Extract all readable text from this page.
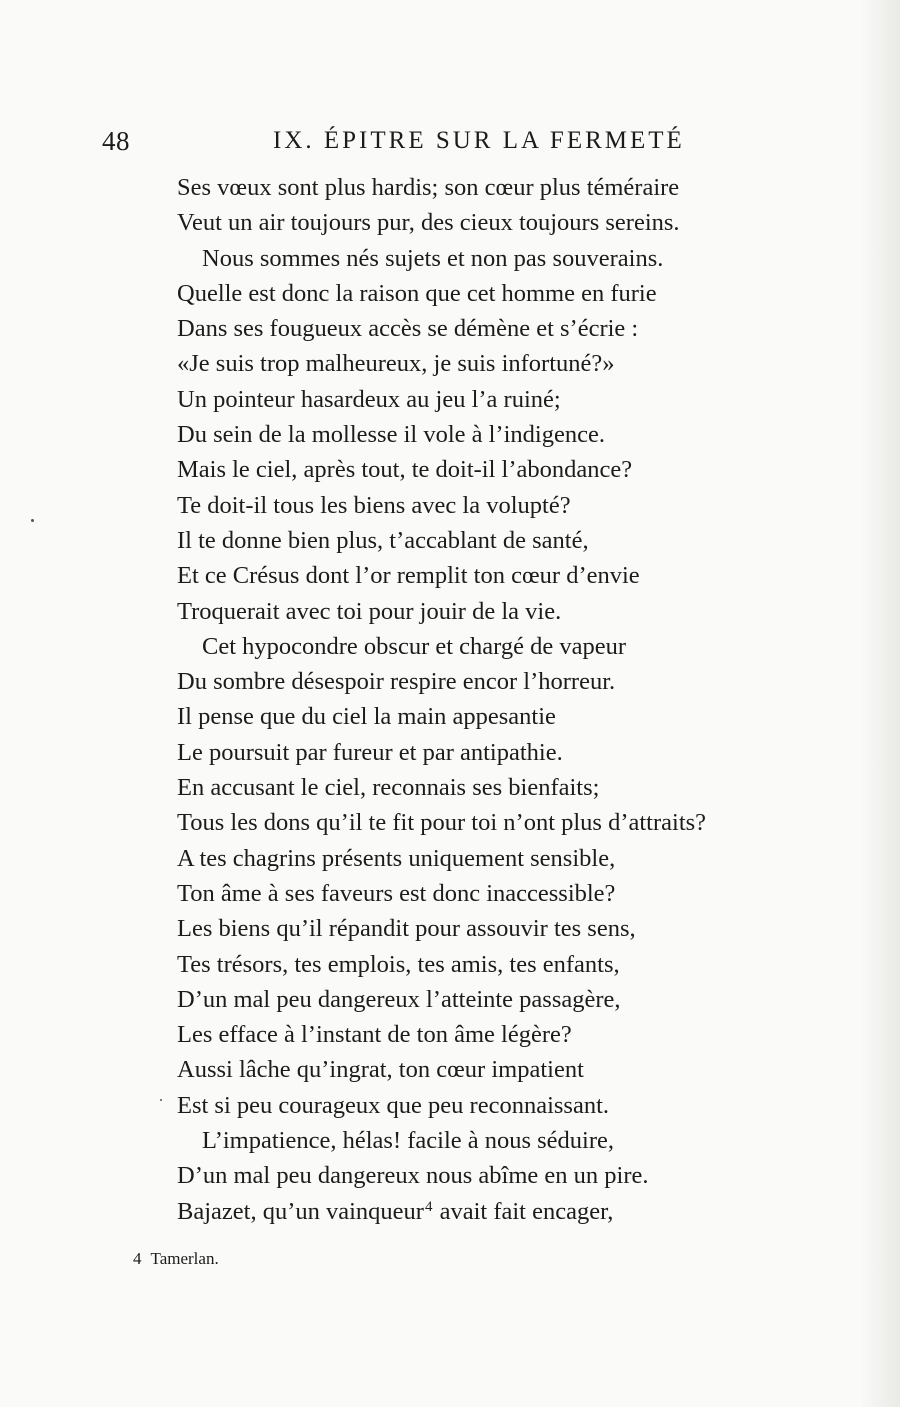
48	IX. ÉPITRE SUR LA FERMETÉ
Ses vœux sont plus hardis; son cœur plus téméraire
Veut un air toujours pur, des cieux toujours sereins.
Nous sommes nés sujets et non pas souverains.
Quelle est donc la raison que cet homme en furie
Dans ses fougueux accès se démène et s’écrie :
«Je suis trop malheureux, je suis infortuné?»
Un pointeur hasardeux au jeu l’a ruiné;
Du sein de la mollesse il vole à l’indigence.
Mais le ciel, après tout, te doit-il l’abondance?
Te doit-il tous les biens avec la volupté?
Il te donne bien plus, t’accablant de santé,
Et ce Crésus dont l’or remplit ton cœur d’envie
Troquerait avec toi pour jouir de la vie.
Cet hypocondre obscur et chargé de vapeur
Du sombre désespoir respire encor l’horreur.
Il pense que du ciel la main appesantie
Le poursuit par fureur et par antipathie.
En accusant le ciel, reconnais ses bienfaits;
Tous les dons qu’il te fit pour toi n’ont plus d’attraits?
A tes chagrins présents uniquement sensible,
Ton âme à ses faveurs est donc inaccessible?
Les biens qu’il répandit pour assouvir tes sens,
Tes trésors, tes emplois, tes amis, tes enfants,
D’un mal peu dangereux l’atteinte passagère,
Les efface à l’instant de ton âme légère?
Aussi lâche qu’ingrat, ton cœur impatient
Est si peu courageux que peu reconnaissant.
L’impatience, hélas! facile à nous séduire,
D’un mal peu dangereux nous abîme en un pire.
Bajazet, qu’un vainqueur$^4$ avait fait encager,
4 Tamerlan.
